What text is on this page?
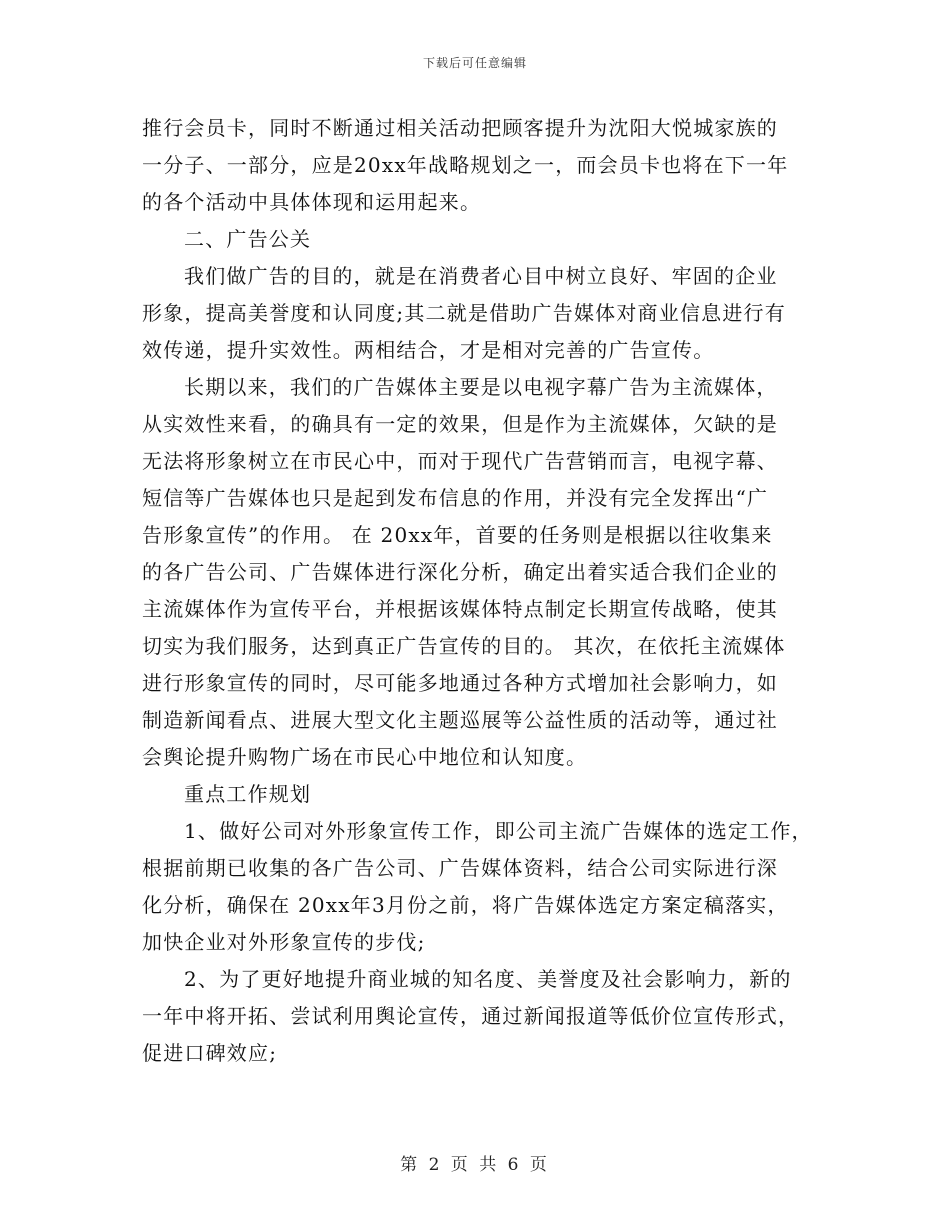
下载后可任意编辑
推行会员卡，同时不断通过相关活动把顾客提升为沈阳大悦城家族的
一分子、一部分，应是20xx年战略规划之一，而会员卡也将在下一年
的各个活动中具体体现和运用起来。
二、广告公关
我们做广告的目的，就是在消费者心目中树立良好、牢固的企业
形象，提高美誉度和认同度;其二就是借助广告媒体对商业信息进行有
效传递，提升实效性。两相结合，才是相对完善的广告宣传。
长期以来，我们的广告媒体主要是以电视字幕广告为主流媒体，
从实效性来看，的确具有一定的效果，但是作为主流媒体，欠缺的是
无法将形象树立在市民心中，而对于现代广告营销而言，电视字幕、
短信等广告媒体也只是起到发布信息的作用，并没有完全发挥出“广
告形象宣传”的作用。 在 20xx年，首要的任务则是根据以往收集来
的各广告公司、广告媒体进行深化分析，确定出着实适合我们企业的
主流媒体作为宣传平台，并根据该媒体特点制定长期宣传战略，使其
切实为我们服务，达到真正广告宣传的目的。 其次，在依托主流媒体
进行形象宣传的同时，尽可能多地通过各种方式增加社会影响力，如
制造新闻看点、进展大型文化主题巡展等公益性质的活动等，通过社
会舆论提升购物广场在市民心中地位和认知度。
重点工作规划
1、做好公司对外形象宣传工作，即公司主流广告媒体的选定工作，
根据前期已收集的各广告公司、广告媒体资料，结合公司实际进行深
化分析，确保在 20xx年3月份之前，将广告媒体选定方案定稿落实，
加快企业对外形象宣传的步伐;
2、为了更好地提升商业城的知名度、美誉度及社会影响力，新的
一年中将开拓、尝试利用舆论宣传，通过新闻报道等低价位宣传形式，
促进口碑效应;
第 2 页 共 6 页
